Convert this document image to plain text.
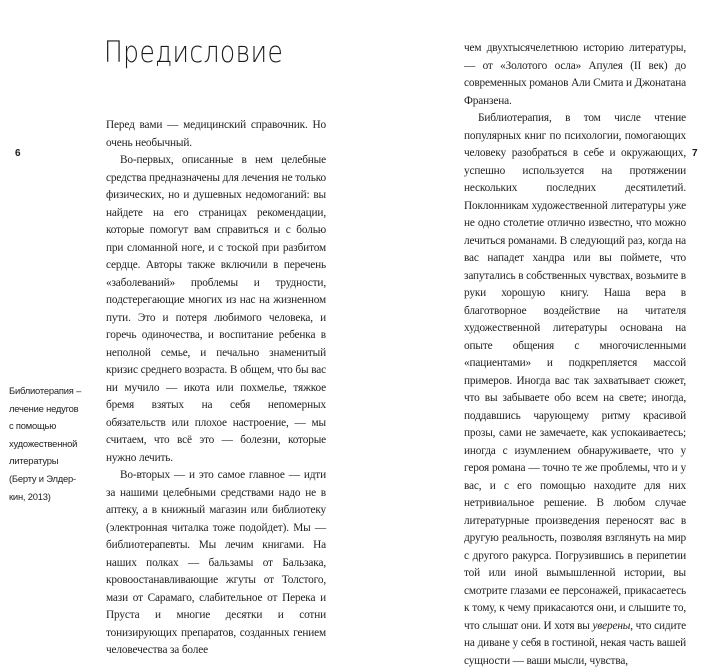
Предисловие
6

Перед вами — медицинский справочник. Но очень необычный.

Во-первых, описанные в нем целебные средства предназначены для лечения не только физических, но и душевных недомоганий: вы найдете на его страницах рекомендации, которые помогут вам справиться и с болью при сломанной ноге, и с тоской при разбитом сердце. Авторы также включили в перечень «заболеваний» проблемы и трудности, подстерегающие многих из нас на жизненном пути. Это и потеря любимого человека, и горечь одиночества, и воспитание ребенка в неполной семье, и печально знаменитый кризис среднего возраста. В общем, что бы вас ни мучило — икота или похмелье, тяжкое бремя взятых на себя непомерных обязательств или плохое настроение, — мы считаем, что всё это — болезни, которые нужно лечить.

Во-вторых — и это самое главное — идти за нашими целебными средствами надо не в аптеку, а в книжный магазин или библиотеку (электронная читалка тоже подойдет). Мы — библиотерапевты. Мы лечим книгами. На наших полках — бальзамы от Бальзака, кровоостанавливающие жгуты от Толстого, мази от Сарамаго, слабительное от Перека и Пруста и многие десятки и сотни тонизирующих препаратов, созданных гением человечества за более

Библиотерапия –
лечение недугов
с помощью
художественной
литературы
(Берту и Элдер-
кин, 2013)
7

чем двухтысячелетнюю историю литературы, — от «Золотого осла» Апулея (II век) до современных романов Али Смита и Джонатана Франзена.

Библиотерапия, в том числе чтение популярных книг по психологии, помогающих человеку разобраться в себе и окружающих, успешно используется на протяжении нескольких последних десятилетий. Поклонникам художественной литературы уже не одно столетие отлично известно, что можно лечиться романами. В следующий раз, когда на вас нападет хандра или вы поймете, что запутались в собственных чувствах, возьмите в руки хорошую книгу. Наша вера в благотворное воздействие на читателя художественной литературы основана на опыте общения с многочисленными «пациентами» и подкрепляется массой примеров. Иногда вас так захватывает сюжет, что вы забываете обо всем на свете; иногда, поддавшись чарующему ритму красивой прозы, сами не замечаете, как успокаиваетесь; иногда с изумлением обнаруживаете, что у героя романа — точно те же проблемы, что и у вас, и с его помощью находите для них нетривиальное решение. В любом случае литературные произведения переносят вас в другую реальность, позволяя взглянуть на мир с другого ракурса. Погрузившись в перипетии той или иной вымышленной истории, вы смотрите глазами ее персонажей, прикасаетесь к тому, к чему прикасаются они, и слышите то, что слышат они. И хотя вы уверены, что сидите на диване у себя в гостиной, некая часть вашей сущности — ваши мысли, чувства,
